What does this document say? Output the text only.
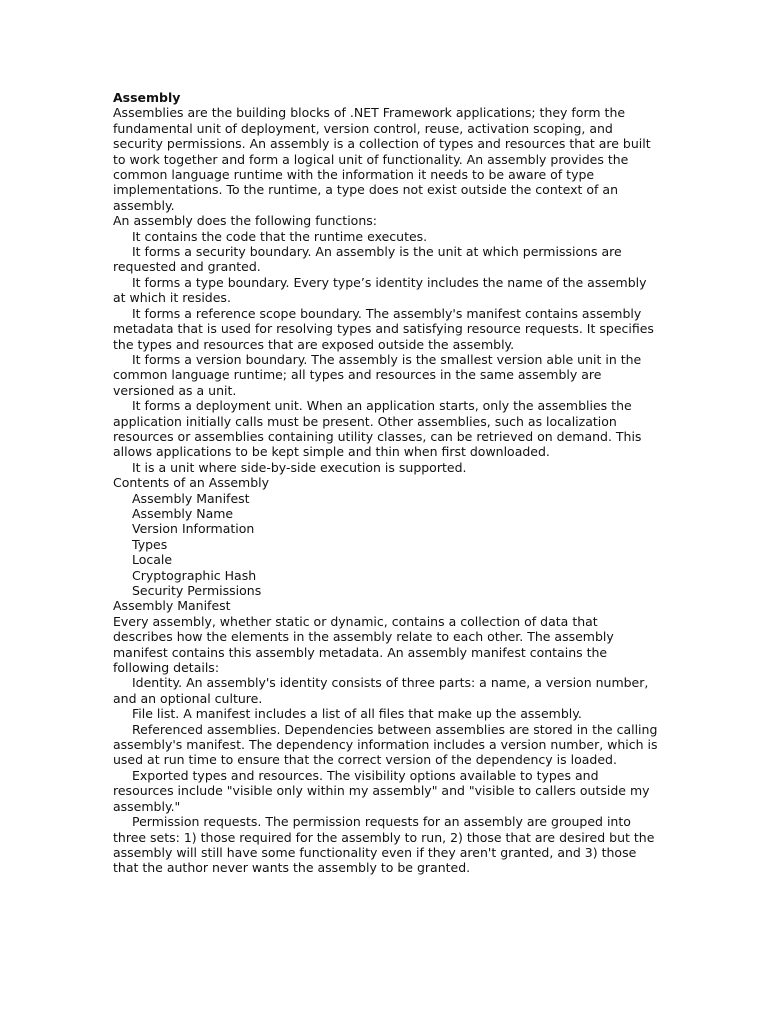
Assembly

Assemblies are the building blocks of .NET Framework applications; they form the fundamental unit of deployment, version control, reuse, activation scoping, and security permissions. An assembly is a collection of types and resources that are built to work together and form a logical unit of functionality. An assembly provides the common language runtime with the information it needs to be aware of type implementations. To the runtime, a type does not exist outside the context of an assembly.

An assembly does the following functions:

It contains the code that the runtime executes.

It forms a security boundary. An assembly is the unit at which permissions are requested and granted.

It forms a type boundary. Every type’s identity includes the name of the assembly at which it resides.

It forms a reference scope boundary. The assembly's manifest contains assembly metadata that is used for resolving types and satisfying resource requests. It specifies the types and resources that are exposed outside the assembly.

It forms a version boundary. The assembly is the smallest version able unit in the common language runtime; all types and resources in the same assembly are versioned as a unit.

It forms a deployment unit. When an application starts, only the assemblies the application initially calls must be present. Other assemblies, such as localization resources or assemblies containing utility classes, can be retrieved on demand. This allows applications to be kept simple and thin when first downloaded.

It is a unit where side-by-side execution is supported.

Contents of an Assembly

Assembly Manifest

Assembly Name

Version Information

Types

Locale

Cryptographic Hash

Security Permissions

Assembly Manifest

Every assembly, whether static or dynamic, contains a collection of data that describes how the elements in the assembly relate to each other. The assembly manifest contains this assembly metadata. An assembly manifest contains the following details:

Identity. An assembly's identity consists of three parts: a name, a version number, and an optional culture.

File list. A manifest includes a list of all files that make up the assembly.

Referenced assemblies. Dependencies between assemblies are stored in the calling assembly's manifest. The dependency information includes a version number, which is used at run time to ensure that the correct version of the dependency is loaded.

Exported types and resources. The visibility options available to types and resources include "visible only within my assembly" and "visible to callers outside my assembly."

Permission requests. The permission requests for an assembly are grouped into three sets: 1) those required for the assembly to run, 2) those that are desired but the assembly will still have some functionality even if they aren't granted, and 3) those that the author never wants the assembly to be granted.
